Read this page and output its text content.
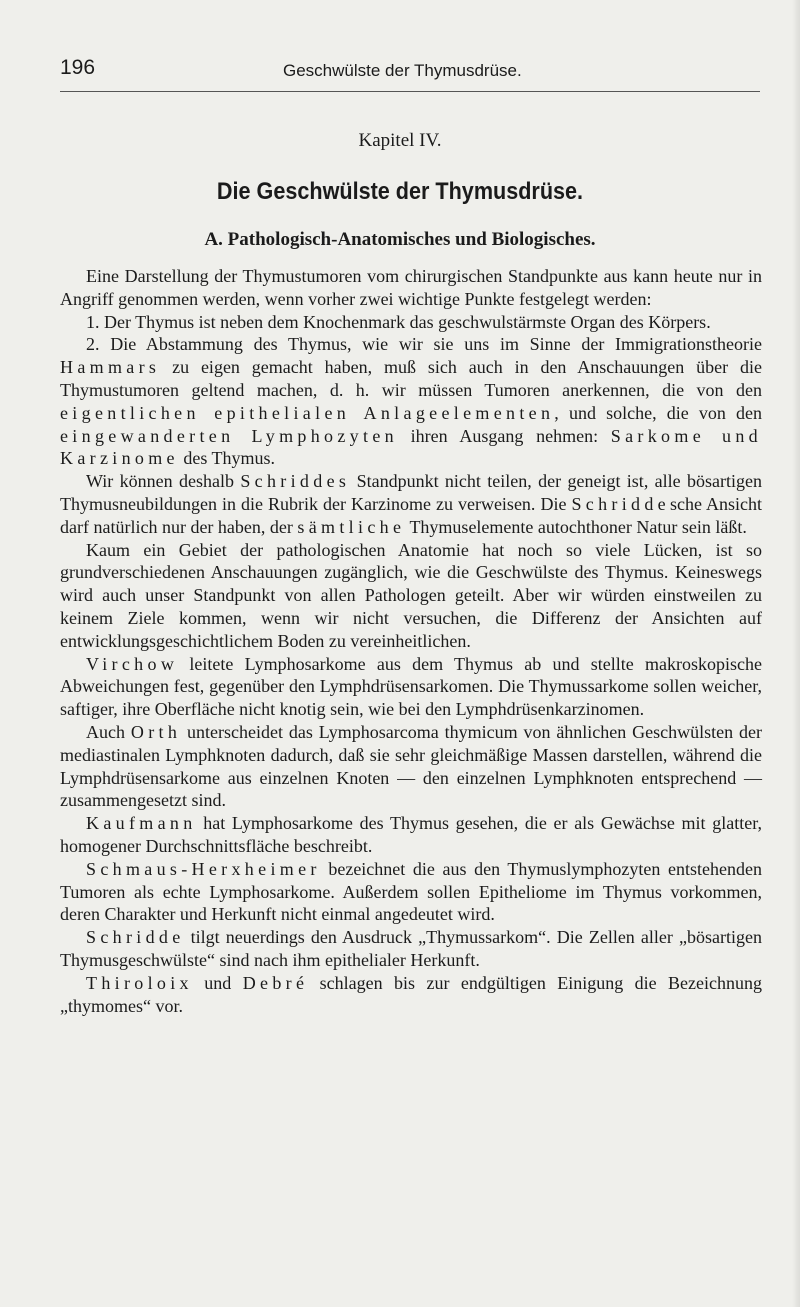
196	Geschwülste der Thymusdrüse.
Kapitel IV.
Die Geschwülste der Thymusdrüse.
A. Pathologisch-Anatomisches und Biologisches.

Eine Darstellung der Thymustumoren vom chirurgischen Standpunkte aus kann heute nur in Angriff genommen werden, wenn vorher zwei wichtige Punkte festgelegt werden:

1. Der Thymus ist neben dem Knochenmark das geschwulstärmste Organ des Körpers.

2. Die Abstammung des Thymus, wie wir sie uns im Sinne der Immigrationstheorie Hammars zu eigen gemacht haben, muß sich auch in den Anschauungen über die Thymustumoren geltend machen, d. h. wir müssen Tumoren anerkennen, die von den eigentlichen epithelialen Anlageelementen, und solche, die von den eingewanderten Lymphozyten ihren Ausgang nehmen: Sarkome und Karzinome des Thymus.

Wir können deshalb Schriddes Standpunkt nicht teilen, der geneigt ist, alle bösartigen Thymusneubildungen in die Rubrik der Karzinome zu verweisen. Die Schriddesche Ansicht darf natürlich nur der haben, der sämtliche Thymuselemente autochthoner Natur sein läßt.

Kaum ein Gebiet der pathologischen Anatomie hat noch so viele Lücken, ist so grundverschiedenen Anschauungen zugänglich, wie die Geschwülste des Thymus. Keineswegs wird auch unser Standpunkt von allen Pathologen geteilt. Aber wir würden einstweilen zu keinem Ziele kommen, wenn wir nicht versuchen, die Differenz der Ansichten auf entwicklungsgeschichtlichem Boden zu vereinheitlichen.

Virchow leitete Lymphosarkome aus dem Thymus ab und stellte makroskopische Abweichungen fest, gegenüber den Lymphdrüsensarkomen. Die Thymussarkome sollen weicher, saftiger, ihre Oberfläche nicht knotig sein, wie bei den Lymphdrüsenkarzinomen.

Auch Orth unterscheidet das Lymphosarcoma thymicum von ähnlichen Geschwülsten der mediastinalen Lymphknoten dadurch, daß sie sehr gleichmäßige Massen darstellen, während die Lymphdrüsensarkome aus einzelnen Knoten — den einzelnen Lymphknoten entsprechend — zusammengesetzt sind.

Kaufmann hat Lymphosarkome des Thymus gesehen, die er als Gewächse mit glatter, homogener Durchschnittsfläche beschreibt.

Schmaus-Herxheimer bezeichnet die aus den Thymuslymphozyten entstehenden Tumoren als echte Lymphosarkome. Außerdem sollen Epitheliome im Thymus vorkommen, deren Charakter und Herkunft nicht einmal angedeutet wird.

Schridde tilgt neuerdings den Ausdruck „Thymussarkom“. Die Zellen aller „bösartigen Thymusgeschwülste“ sind nach ihm epithelialer Herkunft.

Thiroloix und Debré schlagen bis zur endgültigen Einigung die Bezeichnung „thymomes“ vor.
